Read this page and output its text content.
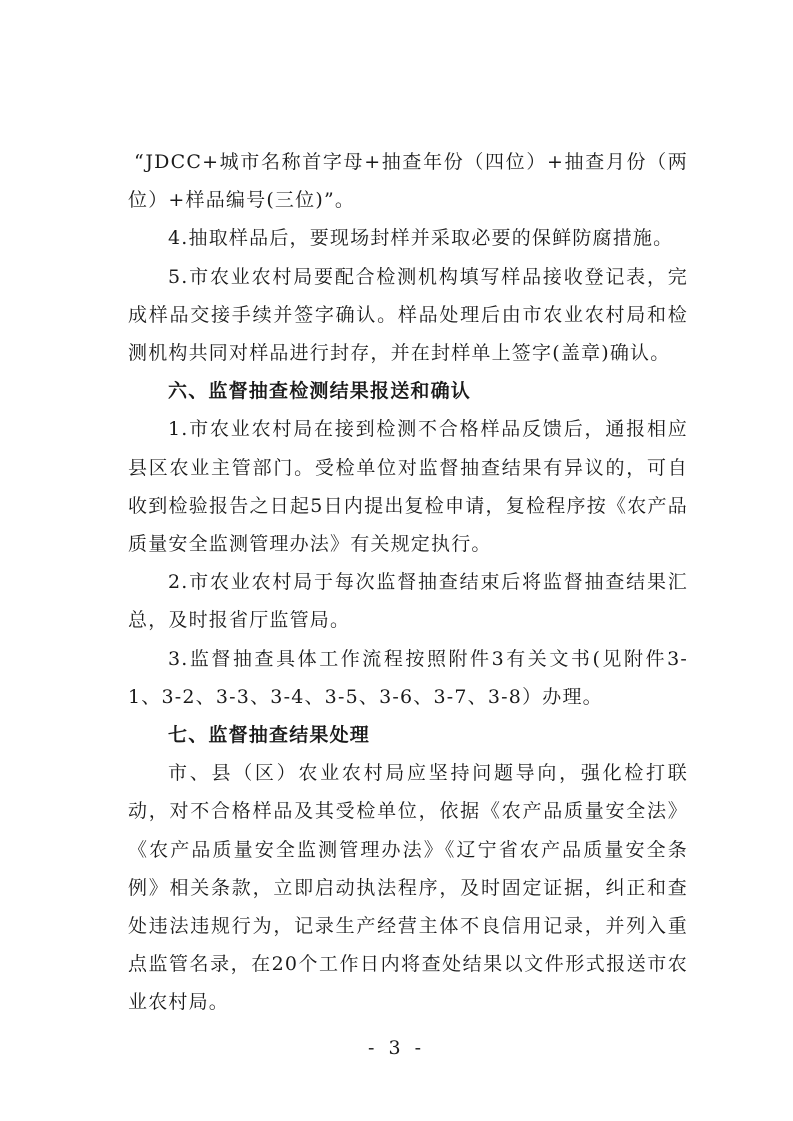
“JDCC+城市名称首字母+抽查年份（四位）+抽查月份（两位）+样品编号(三位)”。

4.抽取样品后，要现场封样并采取必要的保鲜防腐措施。

5.市农业农村局要配合检测机构填写样品接收登记表，完成样品交接手续并签字确认。样品处理后由市农业农村局和检测机构共同对样品进行封存，并在封样单上签字(盖章)确认。

六、监督抽查检测结果报送和确认

1.市农业农村局在接到检测不合格样品反馈后，通报相应县区农业主管部门。受检单位对监督抽查结果有异议的，可自收到检验报告之日起5日内提出复检申请，复检程序按《农产品质量安全监测管理办法》有关规定执行。

2.市农业农村局于每次监督抽查结束后将监督抽查结果汇总，及时报省厅监管局。

3.监督抽查具体工作流程按照附件3有关文书(见附件3-1、3-2、3-3、3-4、3-5、3-6、3-7、3-8）办理。

七、监督抽查结果处理

市、县（区）农业农村局应坚持问题导向，强化检打联动，对不合格样品及其受检单位，依据《农产品质量安全法》《农产品质量安全监测管理办法》《辽宁省农产品质量安全条例》相关条款，立即启动执法程序，及时固定证据，纠正和查处违法违规行为，记录生产经营主体不良信用记录，并列入重点监管名录，在20个工作日内将查处结果以文件形式报送市农业农村局。

- 3 -
